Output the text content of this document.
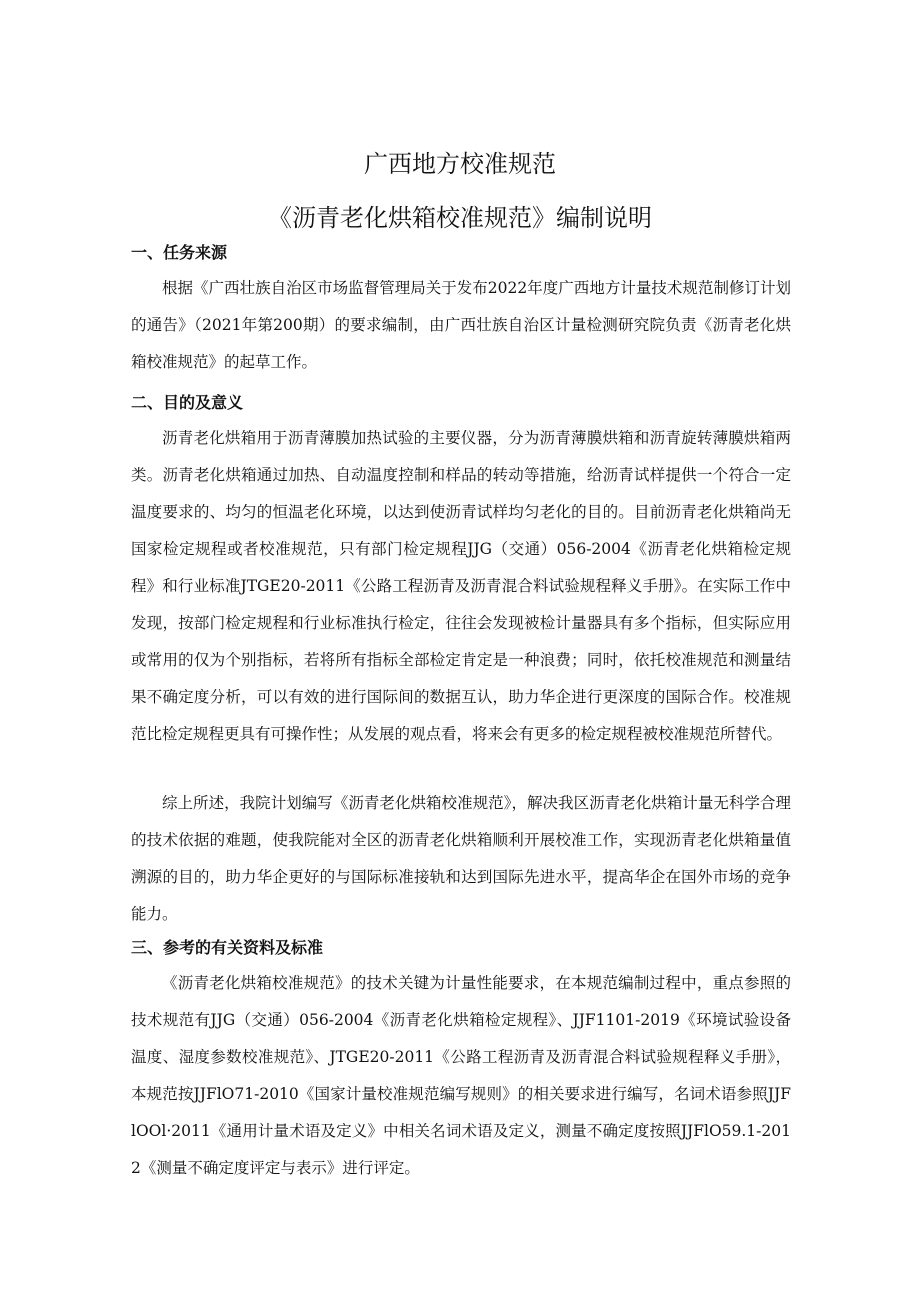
广西地方校准规范
《沥青老化烘箱校准规范》编制说明
一、任务来源
根据《广西壮族自治区市场监督管理局关于发布2022年度广西地方计量技术规范制修订计划的通告》（2021年第200期）的要求编制，由广西壮族自治区计量检测研究院负责《沥青老化烘箱校准规范》的起草工作。
二、目的及意义
沥青老化烘箱用于沥青薄膜加热试验的主要仪器，分为沥青薄膜烘箱和沥青旋转薄膜烘箱两类。沥青老化烘箱通过加热、自动温度控制和样品的转动等措施，给沥青试样提供一个符合一定温度要求的、均匀的恒温老化环境，以达到使沥青试样均匀老化的目的。目前沥青老化烘箱尚无国家检定规程或者校准规范，只有部门检定规程JJG（交通）056-2004《沥青老化烘箱检定规程》和行业标准JTGE20-2011《公路工程沥青及沥青混合料试验规程释义手册》。在实际工作中发现，按部门检定规程和行业标准执行检定，往往会发现被检计量器具有多个指标，但实际应用或常用的仅为个别指标，若将所有指标全部检定肯定是一种浪费；同时，依托校准规范和测量结果不确定度分析，可以有效的进行国际间的数据互认，助力华企进行更深度的国际合作。校准规范比检定规程更具有可操作性；从发展的观点看，将来会有更多的检定规程被校准规范所替代。
综上所述，我院计划编写《沥青老化烘箱校准规范》，解决我区沥青老化烘箱计量无科学合理的技术依据的难题，使我院能对全区的沥青老化烘箱顺利开展校准工作，实现沥青老化烘箱量值溯源的目的，助力华企更好的与国际标准接轨和达到国际先进水平，提高华企在国外市场的竞争能力。
三、参考的有关资料及标准
《沥青老化烘箱校准规范》的技术关键为计量性能要求，在本规范编制过程中，重点参照的技术规范有JJG（交通）056-2004《沥青老化烘箱检定规程》、JJF1101-2019《环境试验设备温度、湿度参数校准规范》、JTGE20-2011《公路工程沥青及沥青混合料试验规程释义手册》，本规范按JJFlO71-2010《国家计量校准规范编写规则》的相关要求进行编写，名词术语参照JJFlOOl·2011《通用计量术语及定义》中相关名词术语及定义，测量不确定度按照JJFlO59.1-2012《测量不确定度评定与表示》进行评定。
